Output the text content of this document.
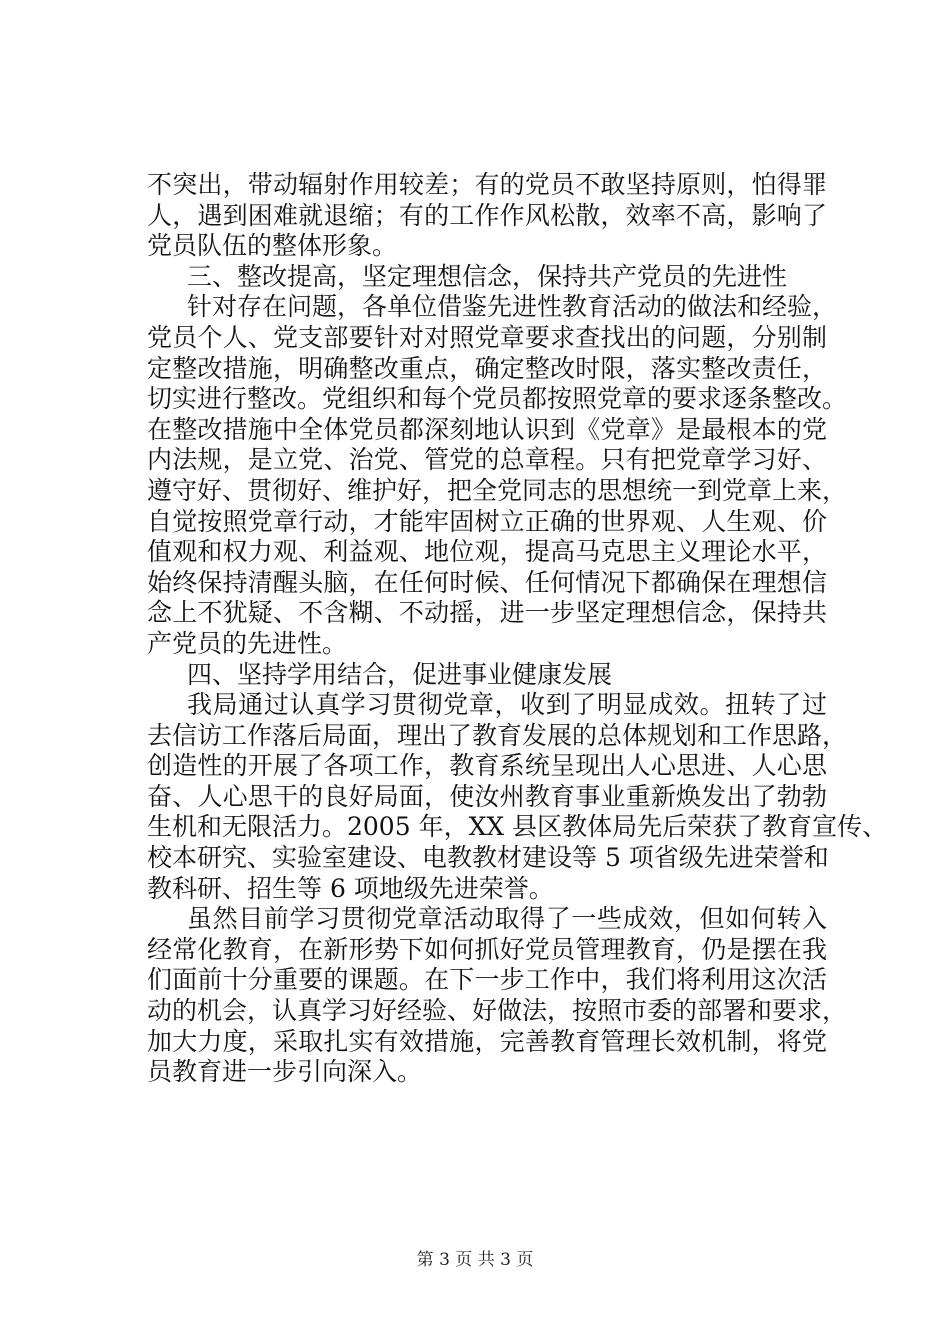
不突出，带动辐射作用较差；有的党员不敢坚持原则，怕得罪
人，遇到困难就退缩；有的工作作风松散，效率不高，影响了
党员队伍的整体形象。
三、整改提高，坚定理想信念，保持共产党员的先进性
针对存在问题，各单位借鉴先进性教育活动的做法和经验，
党员个人、党支部要针对对照党章要求查找出的问题，分别制
定整改措施，明确整改重点，确定整改时限，落实整改责任，
切实进行整改。党组织和每个党员都按照党章的要求逐条整改。
在整改措施中全体党员都深刻地认识到《党章》是最根本的党
内法规，是立党、治党、管党的总章程。只有把党章学习好、
遵守好、贯彻好、维护好，把全党同志的思想统一到党章上来，
自觉按照党章行动，才能牢固树立正确的世界观、人生观、价
值观和权力观、利益观、地位观，提高马克思主义理论水平，
始终保持清醒头脑，在任何时候、任何情况下都确保在理想信
念上不犹疑、不含糊、不动摇，进一步坚定理想信念，保持共
产党员的先进性。
四、坚持学用结合，促进事业健康发展
我局通过认真学习贯彻党章，收到了明显成效。扭转了过
去信访工作落后局面，理出了教育发展的总体规划和工作思路，
创造性的开展了各项工作，教育系统呈现出人心思进、人心思
奋、人心思干的良好局面，使汝州教育事业重新焕发出了勃勃
生机和无限活力。2005 年，XX 县区教体局先后荣获了教育宣传、
校本研究、实验室建设、电教教材建设等 5 项省级先进荣誉和
教科研、招生等 6 项地级先进荣誉。
虽然目前学习贯彻党章活动取得了一些成效，但如何转入
经常化教育，在新形势下如何抓好党员管理教育，仍是摆在我
们面前十分重要的课题。在下一步工作中，我们将利用这次活
动的机会，认真学习好经验、好做法，按照市委的部署和要求，
加大力度，采取扎实有效措施，完善教育管理长效机制，将党
员教育进一步引向深入。
第 3 页 共 3 页
